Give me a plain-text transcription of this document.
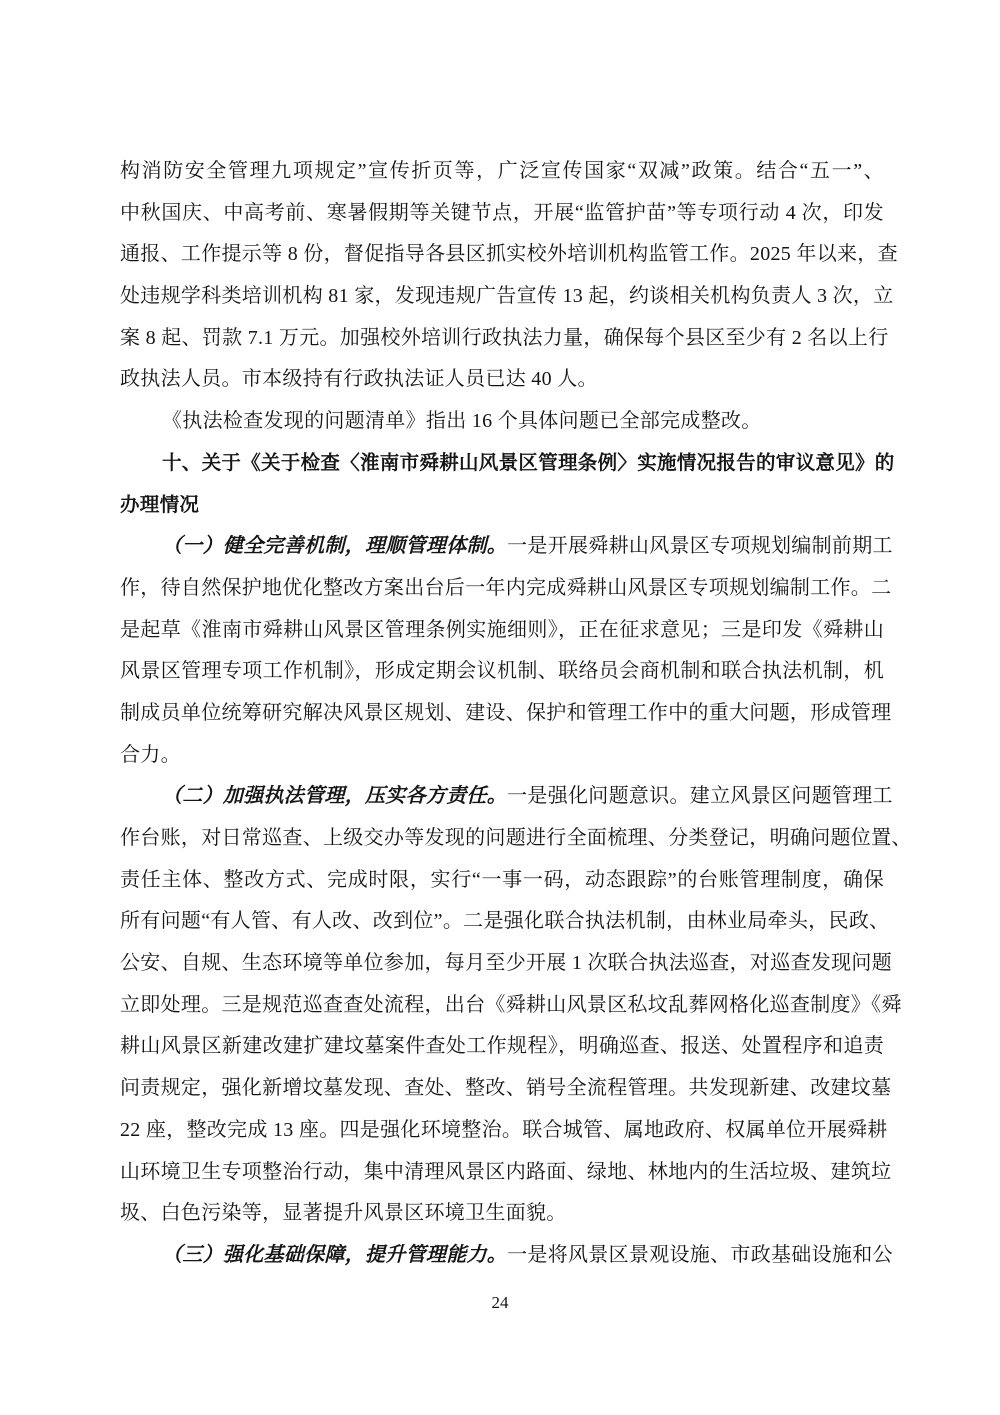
构消防安全管理九项规定”宣传折页等，广泛宣传国家“双减”政策。结合“五一”、
中秋国庆、中高考前、寒暑假期等关键节点，开展“监管护苗”等专项行动 4 次，印发
通报、工作提示等 8 份，督促指导各县区抓实校外培训机构监管工作。2025 年以来，查
处违规学科类培训机构 81 家，发现违规广告宣传 13 起，约谈相关机构负责人 3 次，立
案 8 起、罚款 7.1 万元。加强校外培训行政执法力量，确保每个县区至少有 2 名以上行
政执法人员。市本级持有行政执法证人员已达 40 人。
《执法检查发现的问题清单》指出 16 个具体问题已全部完成整改。
十、关于《关于检查〈淮南市舜耕山风景区管理条例〉实施情况报告的审议意见》的
办理情况
（一）健全完善机制，理顺管理体制。一是开展舜耕山风景区专项规划编制前期工
作，待自然保护地优化整改方案出台后一年内完成舜耕山风景区专项规划编制工作。二
是起草《淮南市舜耕山风景区管理条例实施细则》，正在征求意见；三是印发《舜耕山
风景区管理专项工作机制》，形成定期会议机制、联络员会商机制和联合执法机制，机
制成员单位统筹研究解决风景区规划、建设、保护和管理工作中的重大问题，形成管理
合力。
（二）加强执法管理，压实各方责任。一是强化问题意识。建立风景区问题管理工
作台账，对日常巡查、上级交办等发现的问题进行全面梳理、分类登记，明确问题位置、
责任主体、整改方式、完成时限，实行“一事一码，动态跟踪”的台账管理制度，确保
所有问题“有人管、有人改、改到位”。二是强化联合执法机制，由林业局牵头，民政、
公安、自规、生态环境等单位参加，每月至少开展 1 次联合执法巡查，对巡查发现问题
立即处理。三是规范巡查查处流程，出台《舜耕山风景区私坟乱葬网格化巡查制度》《舜
耕山风景区新建改建扩建坟墓案件查处工作规程》，明确巡查、报送、处置程序和追责
问责规定，强化新增坟墓发现、查处、整改、销号全流程管理。共发现新建、改建坟墓
22 座，整改完成 13 座。四是强化环境整治。联合城管、属地政府、权属单位开展舜耕
山环境卫生专项整治行动，集中清理风景区内路面、绿地、林地内的生活垃圾、建筑垃
圾、白色污染等，显著提升风景区环境卫生面貌。
（三）强化基础保障，提升管理能力。一是将风景区景观设施、市政基础设施和公
24
